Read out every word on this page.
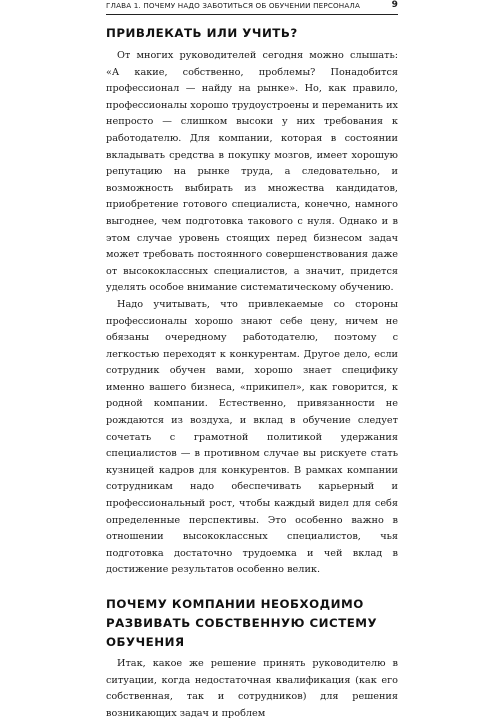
ГЛАВА 1. ПОЧЕМУ НАДО ЗАБОТИТЬСЯ ОБ ОБУЧЕНИИ ПЕРСОНАЛА	9
ПРИВЛЕКАТЬ ИЛИ УЧИТЬ?

От многих руководителей сегодня можно слышать: «А какие, собственно, проблемы? Понадобится профессионал — найду на рынке». Но, как правило, профессионалы хорошо трудоустроены и переманить их непросто — слишком высоки у них требования к работодателю. Для компании, которая в состоянии вкладывать средства в покупку мозгов, имеет хорошую репутацию на рынке труда, а следовательно, и возможность выбирать из множества кандидатов, приобретение готового специалиста, конечно, намного выгоднее, чем подготовка такового с нуля. Однако и в этом случае уровень стоящих перед бизнесом задач может требовать постоянного совершенствования даже от высококлассных специалистов, а значит, придется уделять особое внимание систематическому обучению.

Надо учитывать, что привлекаемые со стороны профессионалы хорошо знают себе цену, ничем не обязаны очередному работодателю, поэтому с легкостью переходят к конкурентам. Другое дело, если сотрудник обучен вами, хорошо знает специфику именно вашего бизнеса, «прикипел», как говорится, к родной компании. Естественно, привязанности не рождаются из воздуха, и вклад в обучение следует сочетать с грамотной политикой удержания специалистов — в противном случае вы рискуете стать кузницей кадров для конкурентов. В рамках компании сотрудникам надо обеспечивать карьерный и профессиональный рост, чтобы каждый видел для себя определенные перспективы. Это особенно важно в отношении высококлассных специалистов, чья подготовка достаточно трудоемка и чей вклад в достижение результатов особенно велик.

ПОЧЕМУ КОМПАНИИ НЕОБХОДИМО РАЗВИВАТЬ СОБСТВЕННУЮ СИСТЕМУ ОБУЧЕНИЯ

Итак, какое же решение принять руководителю в ситуации, когда недостаточная квалификация (как его собственная, так и сотрудников) для решения возникающих задач и проблем
